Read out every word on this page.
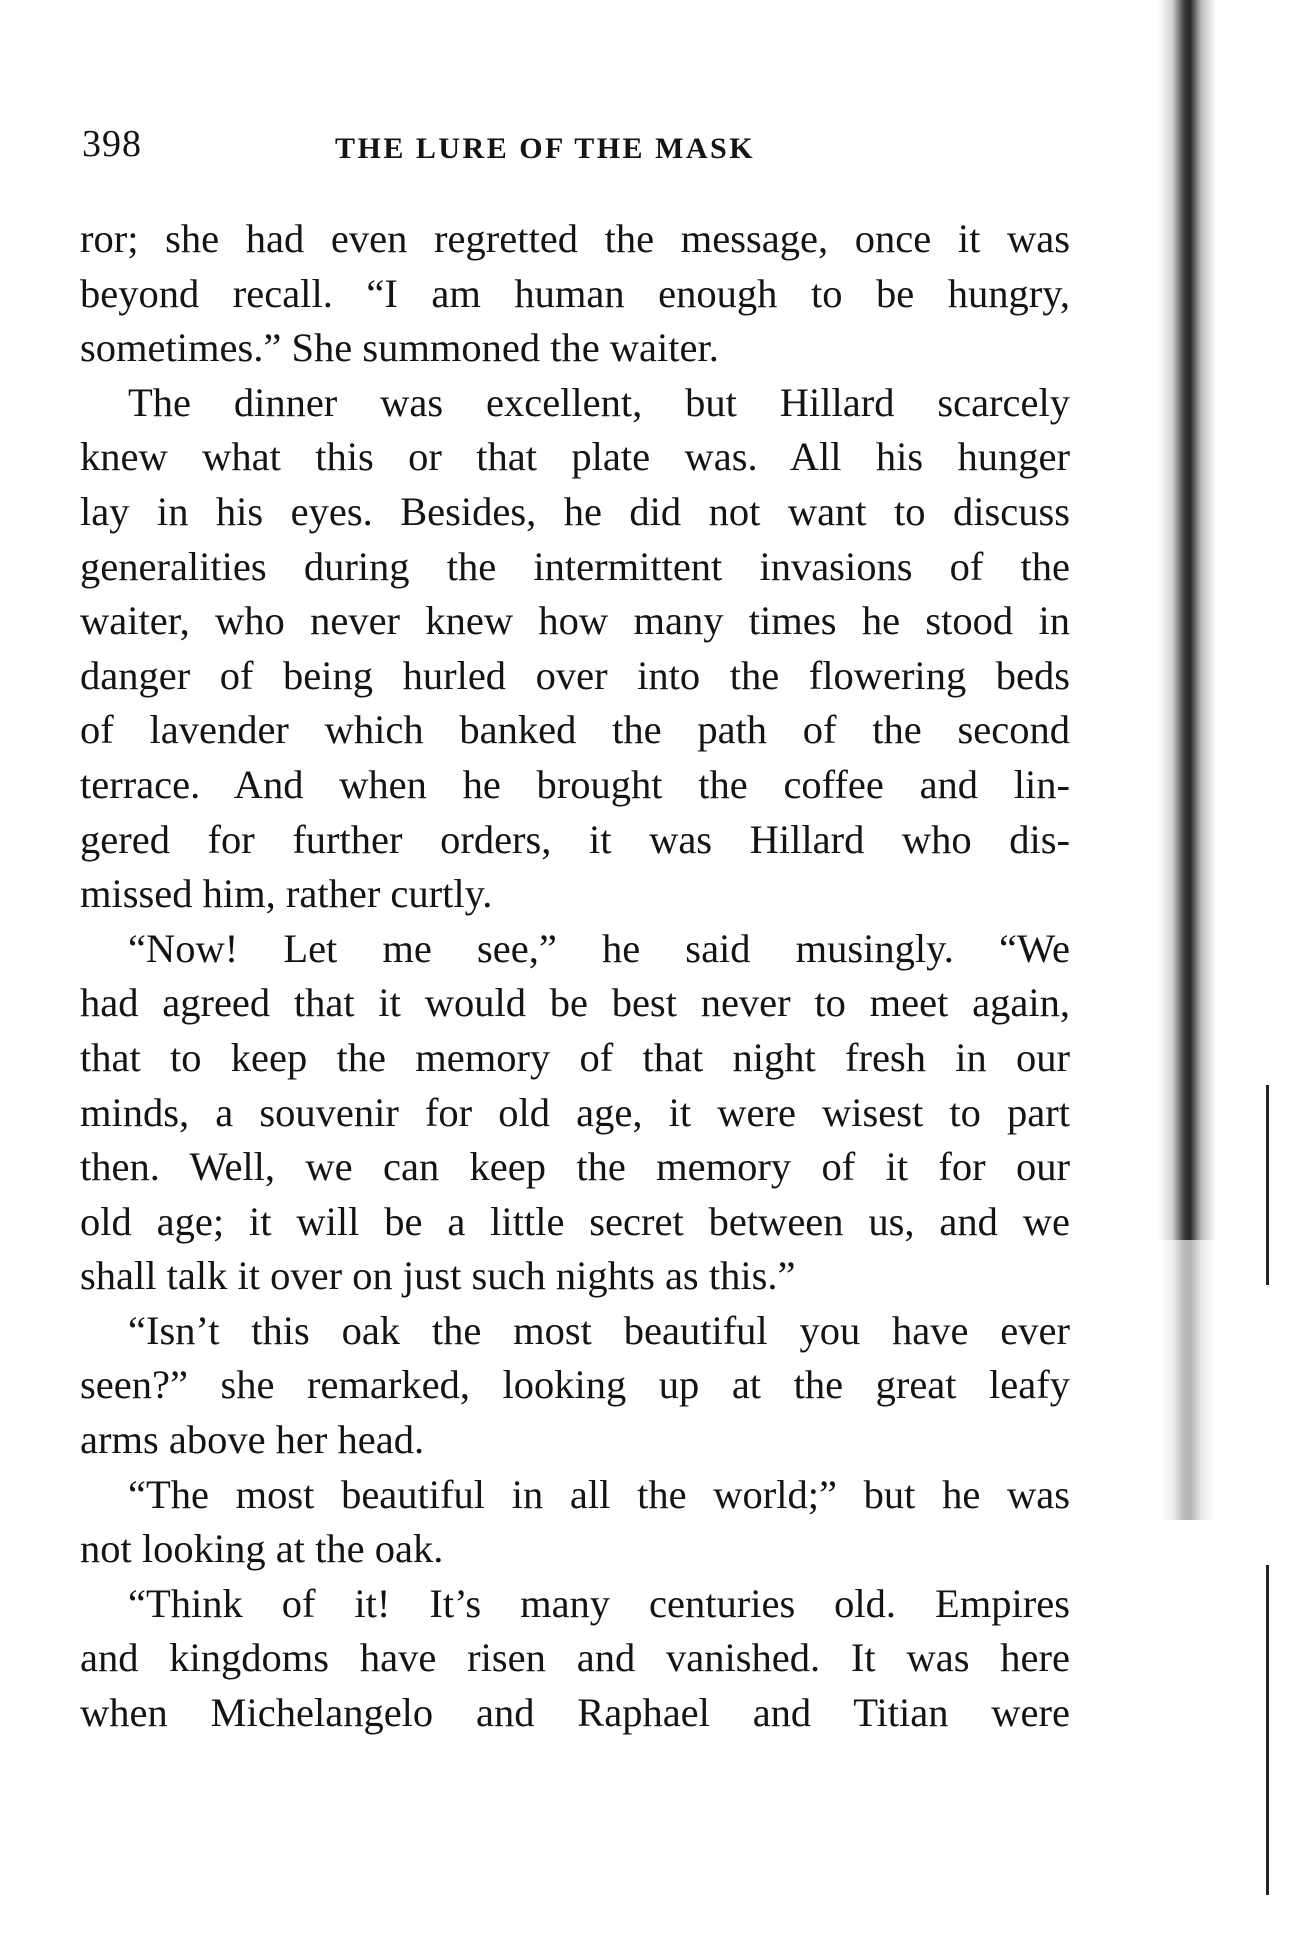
398	THE LURE OF THE MASK
ror; she had even regretted the message, once it was
beyond recall. “I am human enough to be hungry,
sometimes.” She summoned the waiter.
The dinner was excellent, but Hillard scarcely
knew what this or that plate was. All his hunger
lay in his eyes. Besides, he did not want to discuss
generalities during the intermittent invasions of the
waiter, who never knew how many times he stood in
danger of being hurled over into the flowering beds
of lavender which banked the path of the second
terrace. And when he brought the coffee and lin-
gered for further orders, it was Hillard who dis-
missed him, rather curtly.
“Now! Let me see,” he said musingly. “We
had agreed that it would be best never to meet again,
that to keep the memory of that night fresh in our
minds, a souvenir for old age, it were wisest to part
then. Well, we can keep the memory of it for our
old age; it will be a little secret between us, and we
shall talk it over on just such nights as this.”
“Isn’t this oak the most beautiful you have ever
seen?” she remarked, looking up at the great leafy
arms above her head.
“The most beautiful in all the world;” but he was
not looking at the oak.
“Think of it! It’s many centuries old. Empires
and kingdoms have risen and vanished. It was here
when Michelangelo and Raphael and Titian were
